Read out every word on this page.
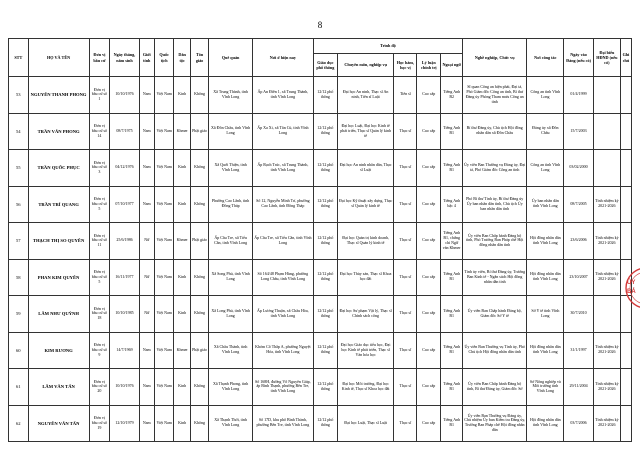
8
STT	HỌ VÀ TÊN	Đơn vị bầu cử	Ngày tháng, năm sinh	Giới tính	Quốc tịch	Dân tộc	Tôn giáo	Quê quán	Nơi ở hiện nay	Trình độ					Nghề nghiệp, Chức vụ	Nơi công tác	Ngày vào Đảng (nếu có)	Đại biểu HĐND (nếu có)	Ghi chú
										Giáo dục phổ thông	Chuyên môn, nghiệp vụ	Học hàm, học vị	Lý luận chính trị	Ngoại ngữ					
53	NGUYỄN THANH PHONG	Đơn vị bầu cử số 1	10/10/1976	Nam	Việt Nam	Kinh	Không	Xã Trung Thành, tỉnh Vĩnh Long	Ấp An Điền 1, xã Trung Thành, tỉnh Vĩnh Long	12/12 phổ thông	Đại học An ninh, Thạc sĩ An ninh, Tiến sĩ Luật	Tiến sĩ	Cao cấp	Tiếng Anh B2	Sĩ quan Công an hiện phái, Đại tá, Phó Giám đốc Công an tỉnh, Bí thư Đảng ủy Phòng Tham mưu Công an tỉnh	Công an tỉnh Vĩnh Long	01/4/1999		
54	TRẦN VĂN PHONG	Đơn vị bầu cử số 14	08/7/1975	Nam	Việt Nam	Khmer	Phật giáo	Xã Đôn Châu, tỉnh Vĩnh Long	Ấp Xa Xi, xã Tân Cù, tỉnh Vĩnh Long	12/12 phổ thông	Đại học Luật, Đại học Kinh tế phát triển, Thạc sĩ Quản lý kinh tế	Thạc sĩ	Cao cấp	Tiếng Anh B1	Bí thư Đảng ủy, Chủ tịch Hội đồng nhân dân xã Đôn Châu	Đảng ủy xã Đôn Châu	15/7/2003		
55	TRẦN QUỐC PHỤC	Đơn vị bầu cử số 3	04/12/1976	Nam	Việt Nam	Kinh	Không	Xã Quới Thiện, tỉnh Vĩnh Long	Ấp Rạch Trúc, xã Trung Thành, tỉnh Vĩnh Long	12/12 phổ thông	Đại học An ninh nhân dân, Thạc sĩ Luật	Thạc sĩ	Cao cấp	Tiếng Anh B1	Ủy viên Ban Thường vụ Đảng ủy, Đại tá, Phó Giám đốc Công an tỉnh	Công an tỉnh Vĩnh Long	03/02/2000		
56	TRẦN TRÍ QUANG	Đơn vị bầu cử số 5	07/10/1977	Nam	Việt Nam	Kinh	Không	Phường Cao Lãnh, tỉnh Đồng Tháp	Số 12, Nguyễn Minh Trí, phường Cao Lãnh, tỉnh Đồng Tháp	12/12 phổ thông	Đại học Kỹ thuật xây dựng, Thạc sĩ Quản lý kinh tế	Thạc sĩ	Cao cấp	Tiếng Anh bậc 4	Phó Bí thư Tỉnh ủy, Bí thư Đảng ủy Ủy ban nhân dân tỉnh, Chủ tịch Ủy ban nhân dân tỉnh	Ủy ban nhân dân tỉnh Vĩnh Long	08/7/2005	Tỉnh nhiệm kỳ 2021-2026	
57	THẠCH THỊ SO QUYÊN	Đơn vị bầu cử số 11	25/6/1986	Nữ	Việt Nam	Khmer	Phật giáo	Ấp Cầu Tre, xã Tiểu Cần, tỉnh Vĩnh Long	Ấp Cầu Tre, xã Tiểu Cần, tỉnh Vĩnh Long	12/12 phổ thông	Đại học Quản trị kinh doanh, Thạc sĩ Quản lý kinh tế	Thạc sĩ	Cao cấp	Tiếng Anh B1, chứng chỉ Ngữ văn Khmer	Ủy viên Ban Chấp hành Đảng bộ tỉnh, Phó Trưởng Ban Pháp chế Hội đồng nhân dân tỉnh	Hội đồng nhân dân tỉnh Vĩnh Long	23/6/2006	Tỉnh nhiệm kỳ 2021-2026	
58	PHAN KIM QUYÊN	Đơn vị bầu cử số 5	16/11/1977	Nữ	Việt Nam	Kinh	Không	Xã Song Phú, tỉnh Vĩnh Long	Số 164/48 Phạm Hùng, phường Long Châu, tỉnh Vĩnh Long	12/12 phổ thông	Đại học Thủy sản, Thạc sĩ Khoa học đất	Thạc sĩ	Cao cấp	Tiếng Anh B1	Tỉnh ủy viên, Bí thư Đảng ủy, Trưởng Ban Kinh tế - Ngân sách Hội đồng nhân dân tỉnh	Hội đồng nhân dân tỉnh Vĩnh Long	23/10/2007	Tỉnh nhiệm kỳ 2021-2026	
59	LÂM NHƯ QUỲNH	Đơn vị bầu cử số 18	10/10/1985	Nữ	Việt Nam	Kinh	Không	Xã Long Phú, tỉnh Vĩnh Long	Ấp Lương Thuận, xã Châu Hòa, tỉnh Vĩnh Long	12/12 phổ thông	Đại học Sư phạm Vật lý, Thạc sĩ Chính sách công	Thạc sĩ	Cao cấp	Tiếng Anh B1	Ủy viên Ban Chấp hành Đảng bộ, Giám đốc Sở Y tế	Sở Y tế tỉnh Vĩnh Long	30/7/2010		
60	KIM RƯƠNG	Đơn vị bầu cử số 9	14/7/1969	Nam	Việt Nam	Khmer	Phật giáo	Xã Châu Thành, tỉnh Vĩnh Long	Khóm Cô Thắp A, phường Nguyệt Hóa, tỉnh Vĩnh Long	12/12 phổ thông	Đại học Giáo dục tiểu học, Đại học Kinh tế phát triển, Thạc sĩ Văn hóa học	Thạc sĩ	Cao cấp	Tiếng Anh B1	Ủy viên Ban Thường vụ Tỉnh ủy, Phó Chủ tịch Hội đồng nhân dân tỉnh	Hội đồng nhân dân tỉnh Vĩnh Long	31/1/1997	Tỉnh nhiệm kỳ 2021-2026	
61	LÂM VĂN TẤN	Đơn vị bầu cử số 20	10/10/1976	Nam	Việt Nam	Kinh	Không	Xã Thạnh Phong, tỉnh Vĩnh Long	Số 168H, đường Võ Nguyên Giáp, ấp Bình Thạnh, phường Bến Tre, tỉnh Vĩnh Long	12/12 phổ thông	Đại học Môi trường, Đại học Kinh tế, Thạc sĩ Khoa học đất	Thạc sĩ	Cao cấp	Tiếng Anh B1	Ủy viên Ban Chấp hành Đảng bộ tỉnh, Bí thư Đảng ủy, Giám đốc Sở	Sở Nông nghiệp và Môi trường tỉnh Vĩnh Long	29/11/2004	Tỉnh nhiệm kỳ 2021-2026	
62	NGUYỄN VĂN TẤN	Đơn vị bầu cử số 19	12/10/1979	Nam	Việt Nam	Kinh	Không	Xã Thạnh Thới, tỉnh Vĩnh Long	Số 17D, khu phố Bình Thành, phường Bến Tre, tỉnh Vĩnh Long	12/12 phổ thông	Đại học Luật, Thạc sĩ Luật	Thạc sĩ	Cao cấp	Tiếng Anh B1	Ủy viên Ban Thường vụ Đảng ủy, Chủ nhiệm Ủy ban Kiểm tra Đảng ủy, Trưởng Ban Pháp chế Hội đồng nhân dân	Hội đồng nhân dân tỉnh Vĩnh Long	03/7/2006	Tỉnh nhiệm kỳ 2021-2026	
ỦY
BẢ
